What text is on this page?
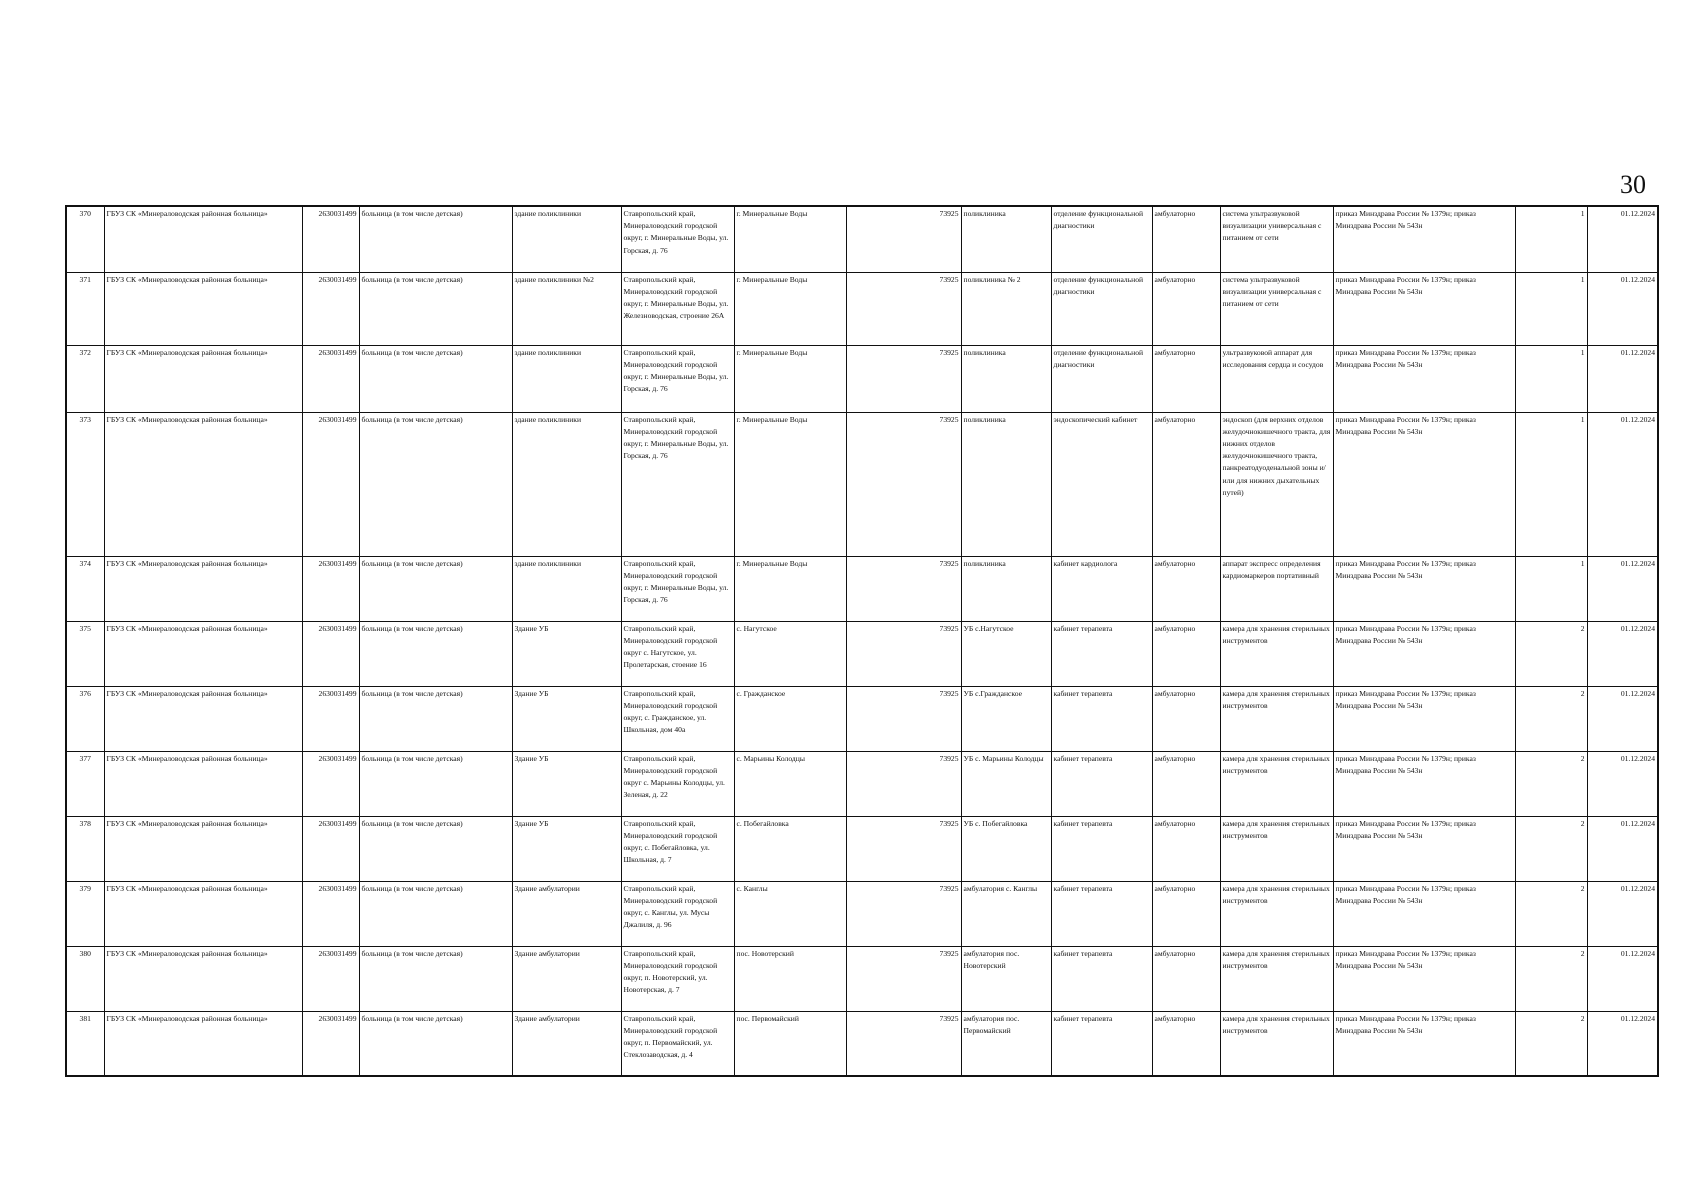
30
370	ГБУЗ СК «Минераловодская районная больница»	2630031499	больница (в том числе детская)	здание поликлиники	Ставропольский край, Минераловодский городской округ, г. Минеральные Воды, ул. Горская, д. 76	г. Минеральные Воды	73925	поликлиника	отделение функциональной диагностики	амбулаторно	система ультразвуковой визуализации универсальная с питанием от сети	приказ Минздрава России № 1379н; приказ Минздрава России № 543н	1	01.12.2024
371	ГБУЗ СК «Минераловодская районная больница»	2630031499	больница (в том числе детская)	здание поликлиники №2	Ставропольский край, Минераловодский городской округ, г. Минеральные Воды, ул. Железноводская, строение 26А	г. Минеральные Воды	73925	поликлиника № 2	отделение функциональной диагностики	амбулаторно	система ультразвуковой визуализации универсальная с питанием от сети	приказ Минздрава России № 1379н; приказ Минздрава России № 543н	1	01.12.2024
372	ГБУЗ СК «Минераловодская районная больница»	2630031499	больница (в том числе детская)	здание поликлиники	Ставропольский край, Минераловодский городской округ, г. Минеральные Воды, ул. Горская, д. 76	г. Минеральные Воды	73925	поликлиника	отделение функциональной диагностики	амбулаторно	ультразвуковой аппарат для исследования сердца и сосудов	приказ Минздрава России № 1379н; приказ Минздрава России № 543н	1	01.12.2024
373	ГБУЗ СК «Минераловодская районная больница»	2630031499	больница (в том числе детская)	здание поликлиники	Ставропольский край, Минераловодский городской округ, г. Минеральные Воды, ул. Горская, д. 76	г. Минеральные Воды	73925	поликлиника	эндоскопический кабинет	амбулаторно	эндоскоп (для верхних отделов желудочнокишечного тракта, для нижних отделов желудочнокишечного тракта, панкреатодуоденальной зоны и/или для нижних дыхательных путей)	приказ Минздрава России № 1379н; приказ Минздрава России № 543н	1	01.12.2024
374	ГБУЗ СК «Минераловодская районная больница»	2630031499	больница (в том числе детская)	здание поликлиники	Ставропольский край, Минераловодский городской округ, г. Минеральные Воды, ул. Горская, д. 76	г. Минеральные Воды	73925	поликлиника	кабинет кардиолога	амбулаторно	аппарат экспресс определения кардиомаркеров портативный	приказ Минздрава России № 1379н; приказ Минздрава России № 543н	1	01.12.2024
375	ГБУЗ СК «Минераловодская районная больница»	2630031499	больница (в том числе детская)	Здание УБ	Ставропольский край, Минераловодский городской округ с. Нагутское, ул. Пролетарская, стоение 16	с. Нагутское	73925	УБ с.Нагутское	кабинет терапевта	амбулаторно	камера для хранения стерильных инструментов	приказ Минздрава России № 1379н; приказ Минздрава России № 543н	2	01.12.2024
376	ГБУЗ СК «Минераловодская районная больница»	2630031499	больница (в том числе детская)	Здание УБ	Ставропольский край, Минераловодский городской округ, с. Гражданское, ул. Школьная, дом 40а	с. Гражданское	73925	УБ с.Гражданское	кабинет терапевта	амбулаторно	камера для хранения стерильных инструментов	приказ Минздрава России № 1379н; приказ Минздрава России № 543н	2	01.12.2024
377	ГБУЗ СК «Минераловодская районная больница»	2630031499	больница (в том числе детская)	Здание УБ	Ставропольский край, Минераловодский городской округ с. Марьины Колодцы, ул. Зеленая, д. 22	с. Марьины Колодцы	73925	УБ с. Марьины Колодцы	кабинет терапевта	амбулаторно	камера для хранения стерильных инструментов	приказ Минздрава России № 1379н; приказ Минздрава России № 543н	2	01.12.2024
378	ГБУЗ СК «Минераловодская районная больница»	2630031499	больница (в том числе детская)	Здание УБ	Ставропольский край, Минераловодский городской округ, с. Побегайловка, ул. Школьная, д. 7	с. Побегайловка	73925	УБ с. Побегайловка	кабинет терапевта	амбулаторно	камера для хранения стерильных инструментов	приказ Минздрава России № 1379н; приказ Минздрава России № 543н	2	01.12.2024
379	ГБУЗ СК «Минераловодская районная больница»	2630031499	больница (в том числе детская)	Здание амбулатории	Ставропольский край, Минераловодский городской округ, с. Канглы, ул. Мусы Джалиля, д. 96	с. Канглы	73925	амбулатория с. Канглы	кабинет терапевта	амбулаторно	камера для хранения стерильных инструментов	приказ Минздрава России № 1379н; приказ Минздрава России № 543н	2	01.12.2024
380	ГБУЗ СК «Минераловодская районная больница»	2630031499	больница (в том числе детская)	Здание амбулатории	Ставропольский край, Минераловодский городской округ, п. Новотерский, ул. Новотерская, д. 7	пос. Новотерский	73925	амбулатория пос. Новотерский	кабинет терапевта	амбулаторно	камера для хранения стерильных инструментов	приказ Минздрава России № 1379н; приказ Минздрава России № 543н	2	01.12.2024
381	ГБУЗ СК «Минераловодская районная больница»	2630031499	больница (в том числе детская)	Здание амбулатории	Ставропольский край, Минераловодский городской округ, п. Первомайский, ул. Стеклозаводская, д. 4	пос. Первомайский	73925	амбулатория пос. Первомайский	кабинет терапевта	амбулаторно	камера для хранения стерильных инструментов	приказ Минздрава России № 1379н; приказ Минздрава России № 543н	2	01.12.2024
